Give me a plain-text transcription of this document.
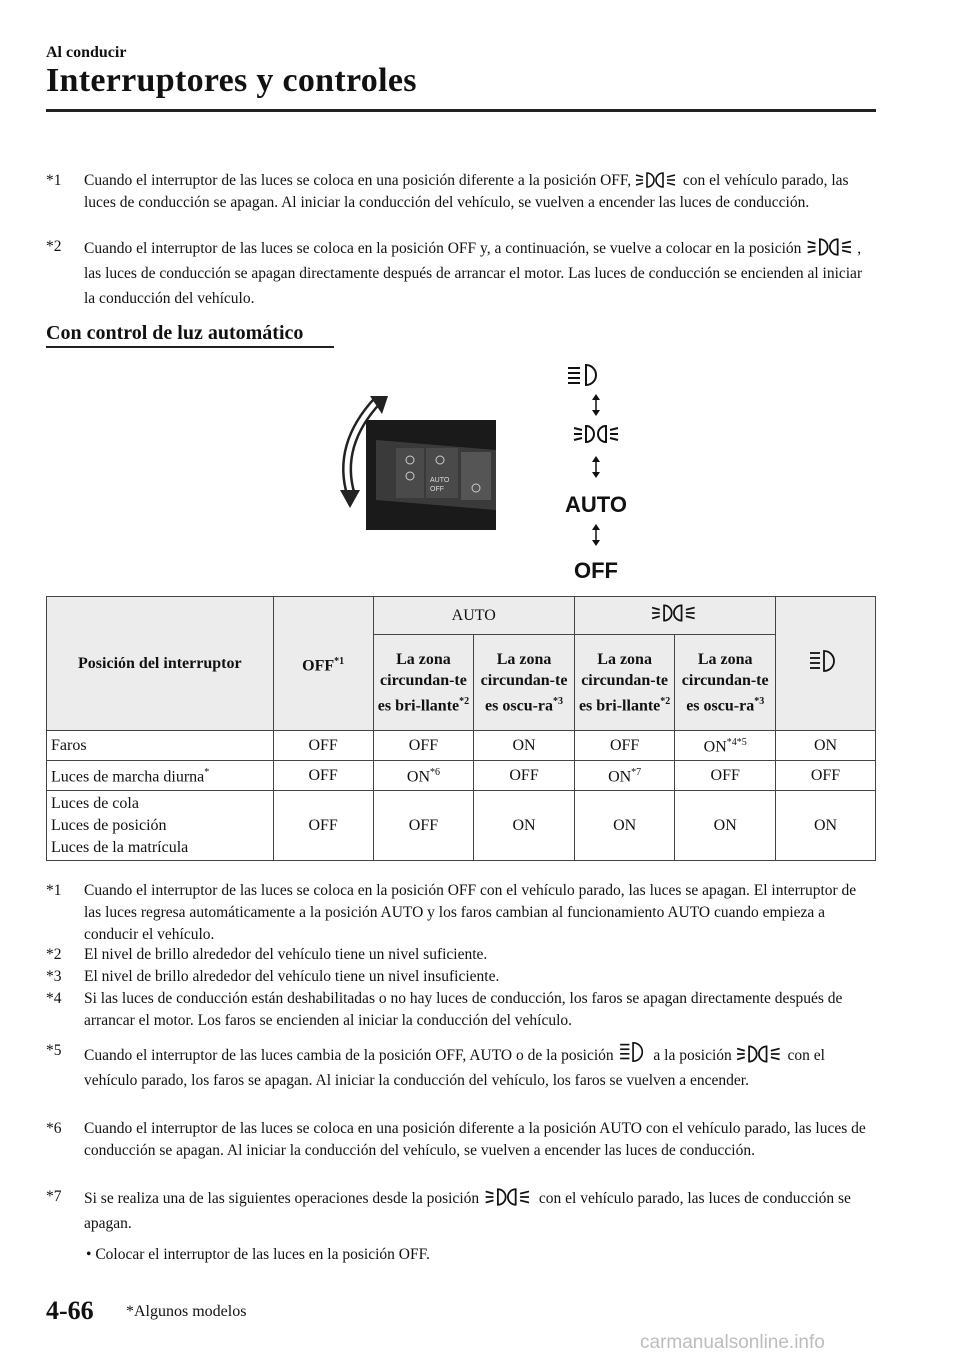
Al conducir
Interruptores y controles
*1 Cuando el interruptor de las luces se coloca en una posición diferente a la posición OFF,	con el vehículo parado, las luces de conducción se apagan. Al iniciar la conducción del vehículo, se vuelven a encender las luces de conducción.
*2 Cuando el interruptor de las luces se coloca en la posición OFF y, a continuación, se vuelve a colocar en la posición	, las luces de conducción se apagan directamente después de arrancar el motor. Las luces de conducción se encienden al iniciar la conducción del vehículo.
Con control de luz automático
AUTO
OFF
AUTO
OFF
Posición del interruptor	OFF$^{*1}$	AUTO		
		La zona circundan-te es bri-llante$^{*2}$	La zona circundan-te es oscu-$ra^{*3}$	La zona circundan-te es bri-llante$^{*2}$	La zona circundan-te es oscu-$ra^{*3}$
Faros	OFF	OFF	ON	OFF	$ON^{*4*5}$	ON
Luces de marcha diurna*	OFF	ON$^{*6}$	OFF	ON$^{*7}$	OFF	OFF
Luces de cola
Luces de posición
Luces de la matrícula	OFF	OFF	ON	ON	ON	ON
*1 Cuando el interruptor de las luces se coloca en la posición OFF con el vehículo parado, las luces se apagan. El interruptor de las luces regresa automáticamente a la posición AUTO y los faros cambian al funcionamiento AUTO cuando empieza a conducir el vehículo.
*2 El nivel de brillo alrededor del vehículo tiene un nivel suficiente.
*3 El nivel de brillo alrededor del vehículo tiene un nivel insuficiente.
*4 Si las luces de conducción están deshabilitadas o no hay luces de conducción, los faros se apagan directamente después de arrancar el motor. Los faros se encienden al iniciar la conducción del vehículo.
*5 Cuando el interruptor de las luces cambia de la posición OFF, AUTO o de la posición  a la posición	con el vehículo parado, los faros se apagan. Al iniciar la conducción del vehículo, los faros se vuelven a encender.
*6 Cuando el interruptor de las luces se coloca en una posición diferente a la posición AUTO con el vehículo parado, las luces de conducción se apagan. Al iniciar la conducción del vehículo, se vuelven a encender las luces de conducción.
*7 Si se realiza una de las siguientes operaciones desde la posición	con el vehículo parado, las luces de conducción se apagan.
• Colocar el interruptor de las luces en la posición OFF.
4-66 *Algunos modelos
carmanualsonline.info
